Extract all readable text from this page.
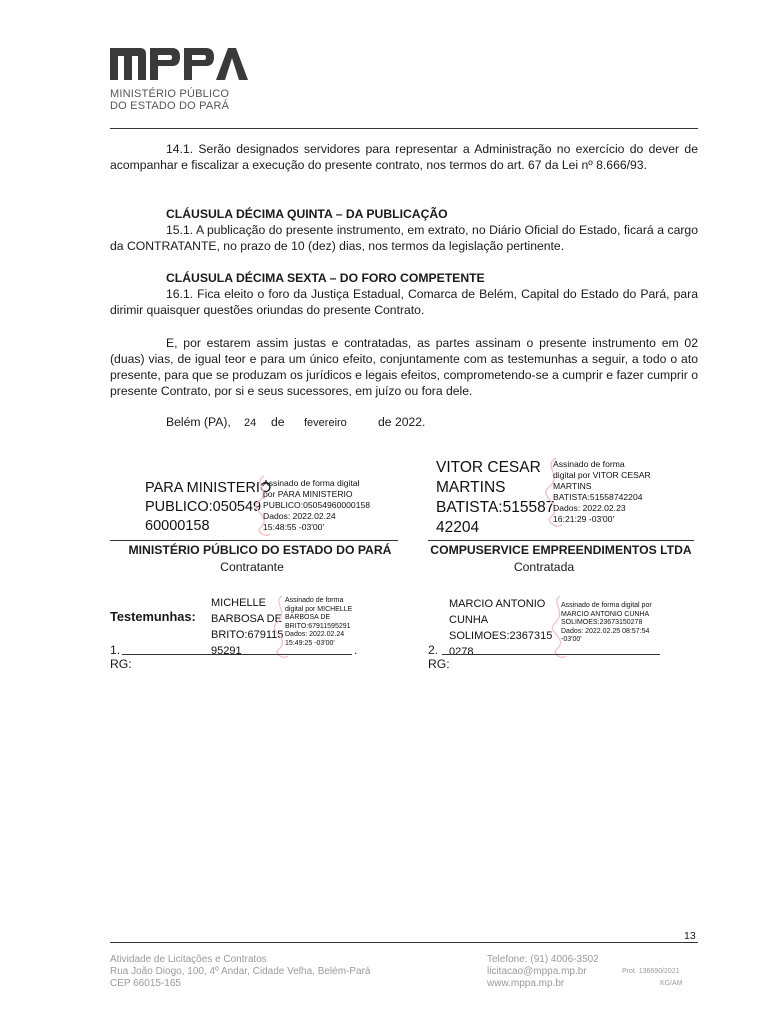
MINISTÉRIO PÚBLICO
DO ESTADO DO PARÁ
14.1. Serão designados servidores para representar a Administração no exercício do dever de acompanhar e fiscalizar a execução do presente contrato, nos termos do art. 67 da Lei nº 8.666/93.
CLÁUSULA DÉCIMA QUINTA – DA PUBLICAÇÃO
15.1. A publicação do presente instrumento, em extrato, no Diário Oficial do Estado, ficará a cargo da CONTRATANTE, no prazo de 10 (dez) dias, nos termos da legislação pertinente.
CLÁUSULA DÉCIMA SEXTA – DO FORO COMPETENTE
16.1. Fica eleito o foro da Justiça Estadual, Comarca de Belém, Capital do Estado do Pará, para dirimir quaisquer questões oriundas do presente Contrato.
E, por estarem assim justas e contratadas, as partes assinam o presente instrumento em 02 (duas) vias, de igual teor e para um único efeito, conjuntamente com as testemunhas a seguir, a todo o ato presente, para que se produzam os jurídicos e legais efeitos, comprometendo-se a cumprir e fazer cumprir o presente Contrato, por si e seus sucessores, em juízo ou fora dele.
Belém (PA), 24 de fevereiro	de 2022.
PARA MINISTERIO
PUBLICO:050549
60000158
Assinado de forma digital
por PARA MINISTERIO
PUBLICO:05054960000158
Dados: 2022.02.24
15:48:55 -03'00'
MINISTÉRIO PÚBLICO DO ESTADO DO PARÁ
Contratante
VITOR CESAR
MARTINS
BATISTA:515587
42204
Assinado de forma
digital por VITOR CESAR
MARTINS
BATISTA:51558742204
Dados: 2022.02.23
16:21:29 -03'00'
COMPUSERVICE EMPREENDIMENTOS LTDA
Contratada
Testemunhas:
MICHELLE
BARBOSA DE
BRITO:679115
95291
Assinado de forma
digital por MICHELLE
BARBOSA DE
BRITO:67911595291
Dados: 2022.02.24
15:49:25 -03'00'
1.	.
RG:
MARCIO ANTONIO
CUNHA
SOLIMOES:2367315
0278
Assinado de forma digital por
MARCIO ANTONIO CUNHA
SOLIMOES:23673150278
Dados: 2022.02.25 08:57:54
-03'00'
2.
RG:
13
Atividade de Licitações e Contratos
Rua João Diogo, 100, 4º Andar, Cidade Velha, Belém-Pará
CEP 66015-165
Telefone: (91) 4006-3502
licitacao@mppa.mp.br
www.mppa.mp.br
Prot. 136690/2021
KG/AM
